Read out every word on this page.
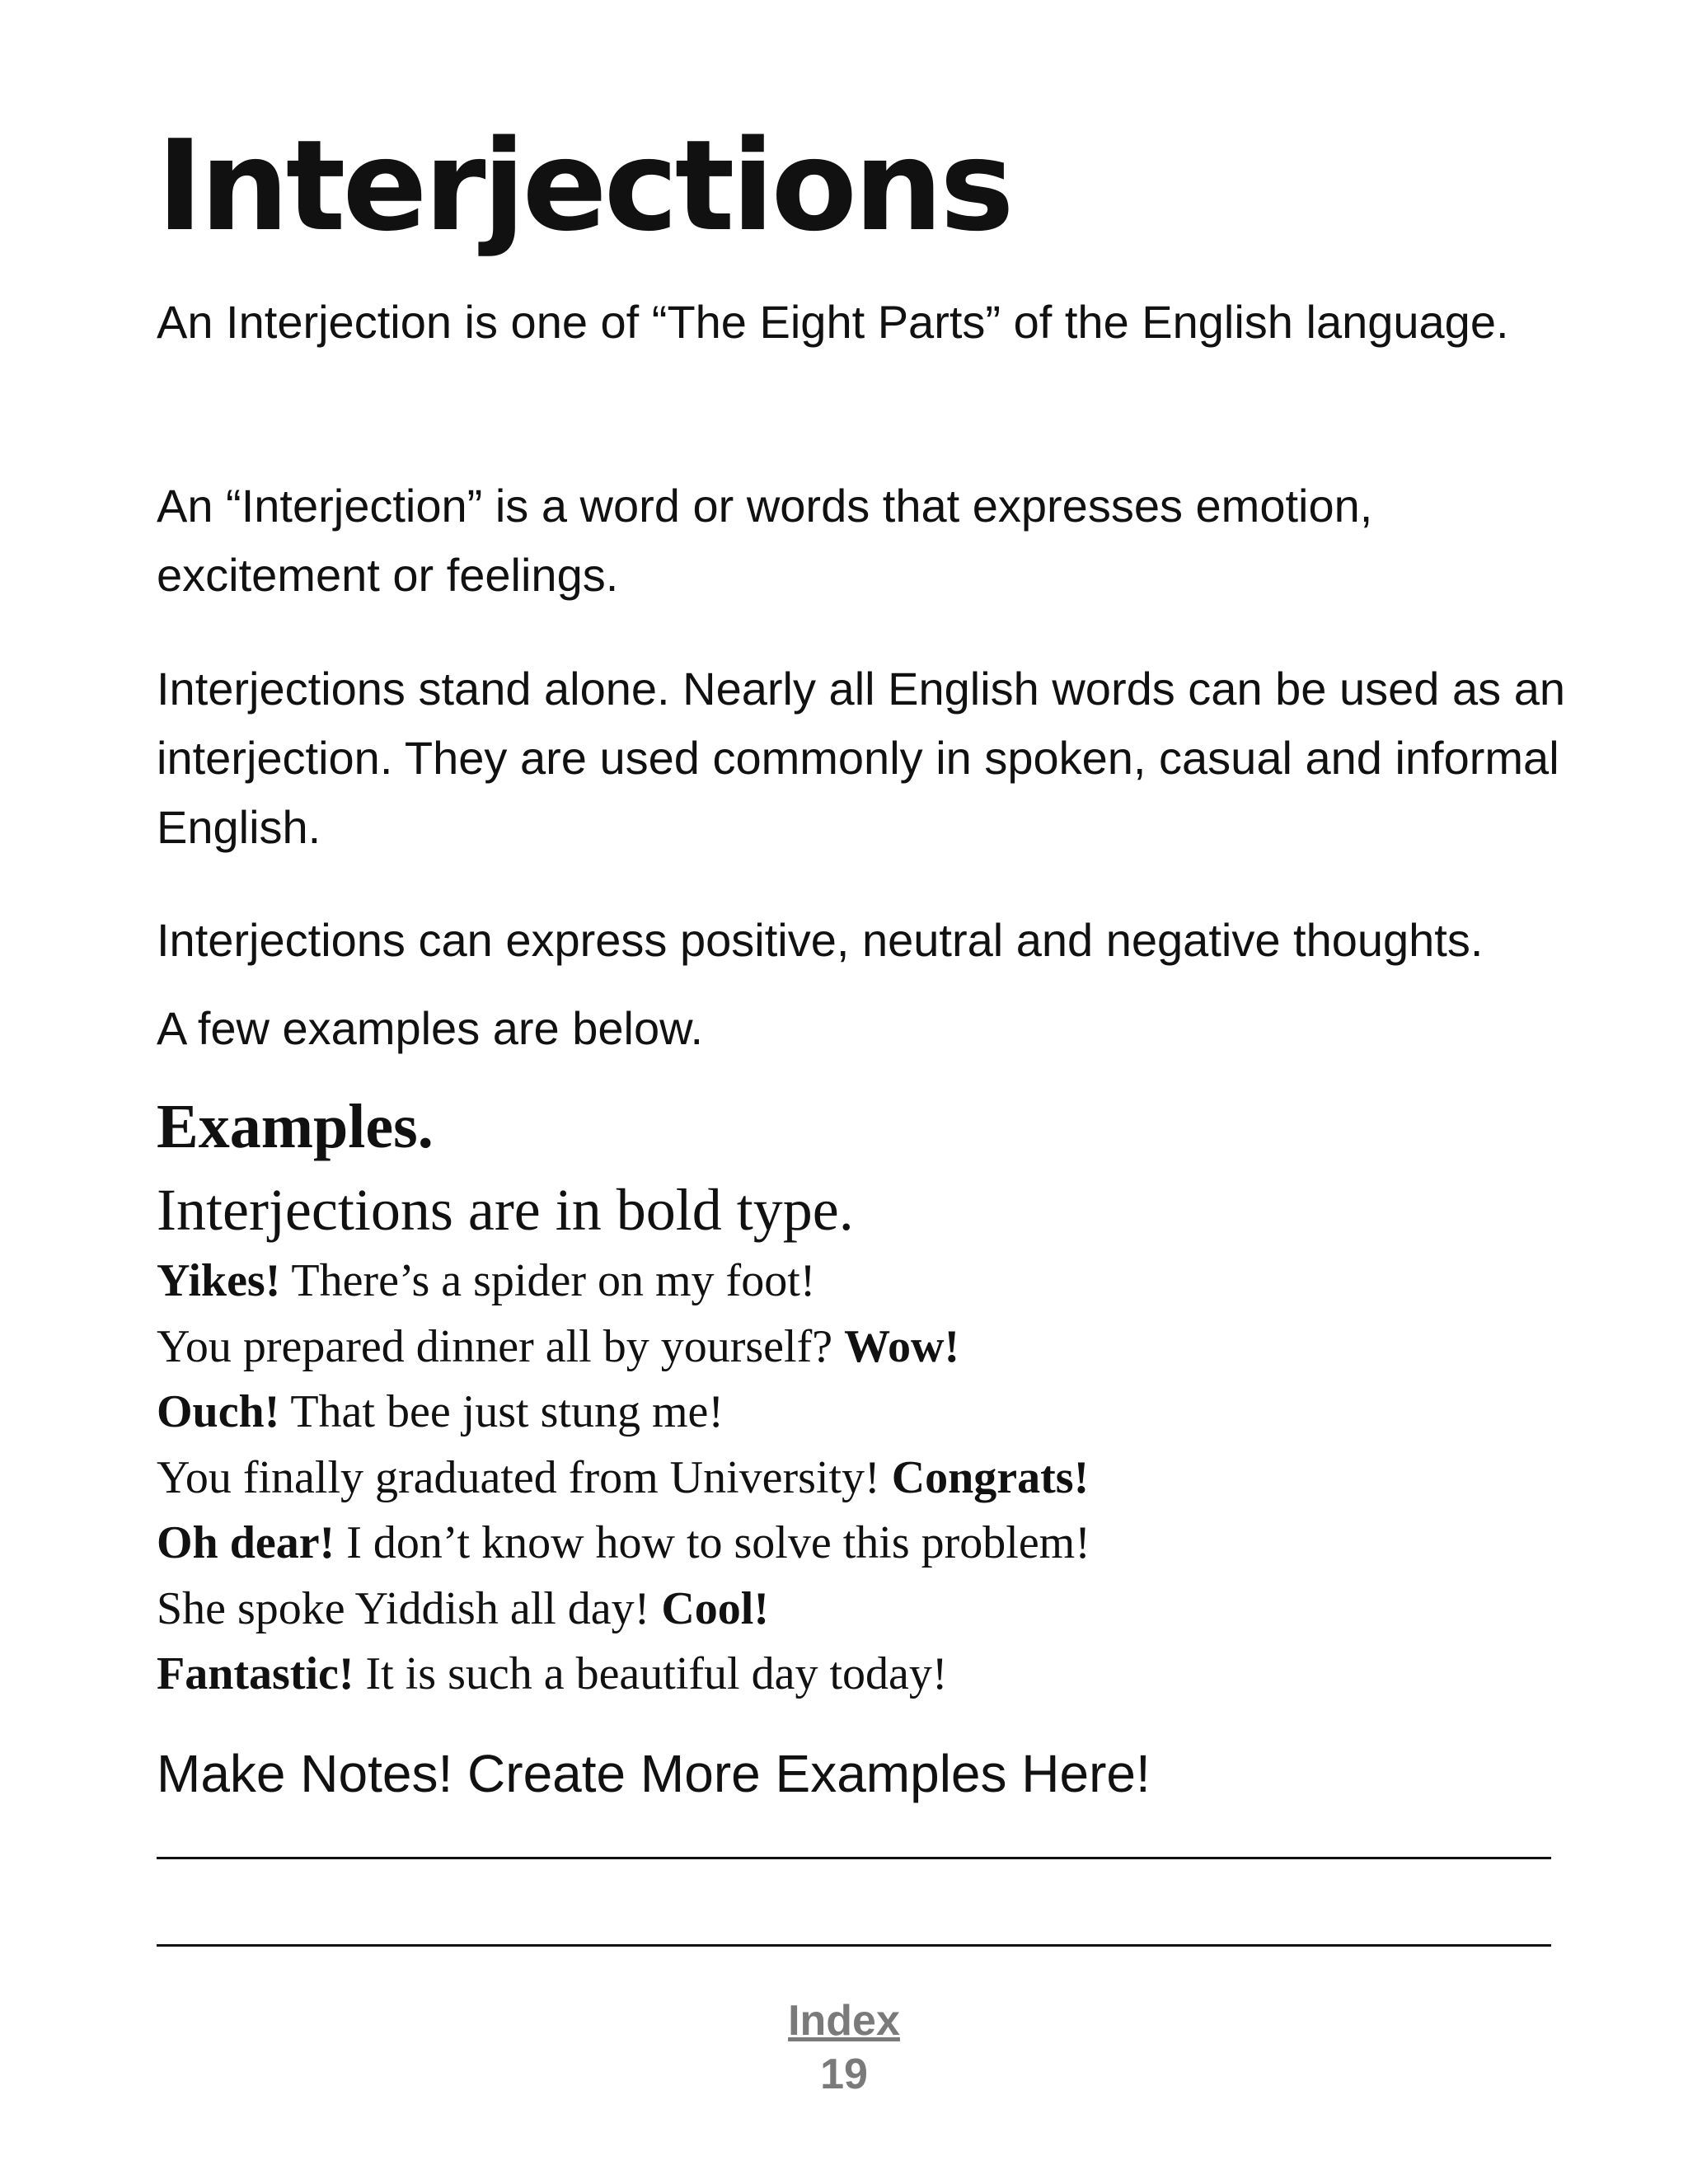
Interjections

An Interjection is one of “The Eight Parts” of the English language.

An “Interjection” is a word or words that expresses emotion, excitement or feelings.

Interjections stand alone. Nearly all English words can be used as an interjection. They are used commonly in spoken, casual and informal English.

Interjections can express positive, neutral and negative thoughts.

A few examples are below.

Examples.

Interjections are in bold type.

Yikes! There’s a spider on my foot!
You prepared dinner all by yourself? Wow!
Ouch! That bee just stung me!
You finally graduated from University! Congrats!
Oh dear! I don’t know how to solve this problem!
She spoke Yiddish all day! Cool!
Fantastic! It is such a beautiful day today!

Make Notes! Create More Examples Here!

Index
19
